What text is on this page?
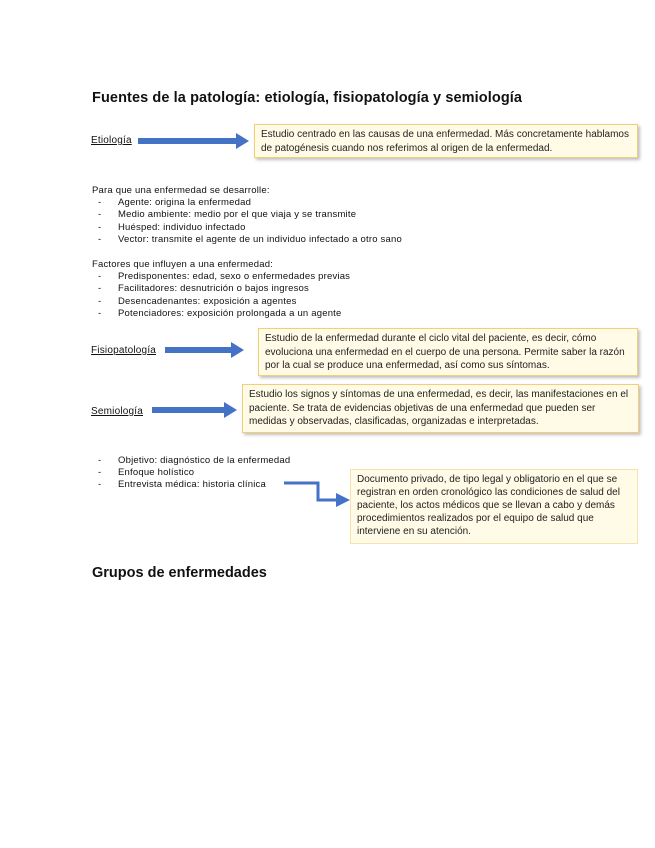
Fuentes de la patología: etiología, fisiopatología y semiología
Etiología
Estudio centrado en las causas de una enfermedad. Más concretamente hablamos de patogénesis cuando nos referimos al origen de la enfermedad.
Para que una enfermedad se desarrolle:
- Agente: origina la enfermedad
- Medio ambiente: medio por el que viaja y se transmite
- Huésped: individuo infectado
- Vector: transmite el agente de un individuo infectado a otro sano
Factores que influyen a una enfermedad:
- Predisponentes: edad, sexo o enfermedades previas
- Facilitadores: desnutrición o bajos ingresos
- Desencadenantes: exposición a agentes
- Potenciadores: exposición prolongada a un agente
Fisiopatología
Estudio de la enfermedad durante el ciclo vital del paciente, es decir, cómo evoluciona una enfermedad en el cuerpo de una persona. Permite saber la razón por la cual se produce una enfermedad, así como sus síntomas.
Semiología
Estudio los signos y síntomas de una enfermedad, es decir, las manifestaciones en el paciente. Se trata de evidencias objetivas de una enfermedad que pueden ser medidas y observadas, clasificadas, organizadas e interpretadas.
- Objetivo: diagnóstico de la enfermedad
- Enfoque holístico
- Entrevista médica: historia clínica	Documento privado, de tipo legal y obligatorio en el que se registran en orden cronológico las condiciones de salud del paciente, los actos médicos que se llevan a cabo y demás procedimientos realizados por el equipo de salud que interviene en su atención.
Grupos de enfermedades
